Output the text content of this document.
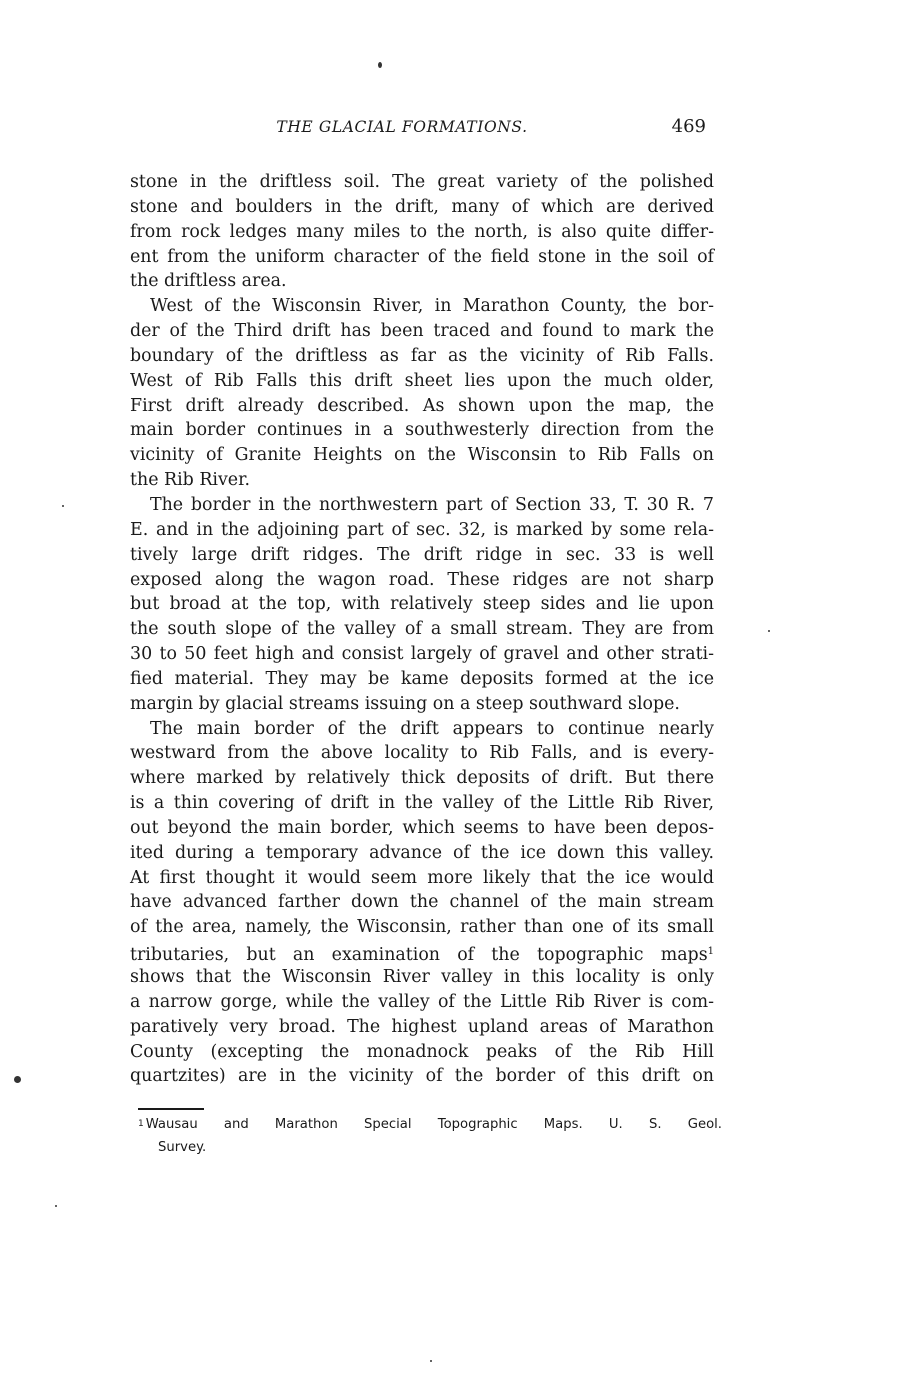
THE GLACIAL FORMATIONS.	469
stone in the driftless soil. The great variety of the polished
stone and boulders in the drift, many of which are derived
from rock ledges many miles to the north, is also quite differ-
ent from the uniform character of the field stone in the soil of
the driftless area.
West of the Wisconsin River, in Marathon County, the bor-
der of the Third drift has been traced and found to mark the
boundary of the driftless as far as the vicinity of Rib Falls.
West of Rib Falls this drift sheet lies upon the much older,
First drift already described. As shown upon the map, the
main border continues in a southwesterly direction from the
vicinity of Granite Heights on the Wisconsin to Rib Falls on
the Rib River.
The border in the northwestern part of Section 33, T. 30 R. 7
E. and in the adjoining part of sec. 32, is marked by some rela-
tively large drift ridges. The drift ridge in sec. 33 is well
exposed along the wagon road. These ridges are not sharp
but broad at the top, with relatively steep sides and lie upon
the south slope of the valley of a small stream. They are from
30 to 50 feet high and consist largely of gravel and other strati-
fied material. They may be kame deposits formed at the ice
margin by glacial streams issuing on a steep southward slope.
The main border of the drift appears to continue nearly
westward from the above locality to Rib Falls, and is every-
where marked by relatively thick deposits of drift. But there
is a thin covering of drift in the valley of the Little Rib River,
out beyond the main border, which seems to have been depos-
ited during a temporary advance of the ice down this valley.
At first thought it would seem more likely that the ice would
have advanced farther down the channel of the main stream
of the area, namely, the Wisconsin, rather than one of its small
tributaries, but an examination of the topographic maps$^1$
shows that the Wisconsin River valley in this locality is only
a narrow gorge, while the valley of the Little Rib River is com-
paratively very broad. The highest upland areas of Marathon
County (excepting the monadnock peaks of the Rib Hill
quartzites) are in the vicinity of the border of this drift on
1 Wausau and Marathon Special Topographic Maps. U. S. Geol.
Survey.
